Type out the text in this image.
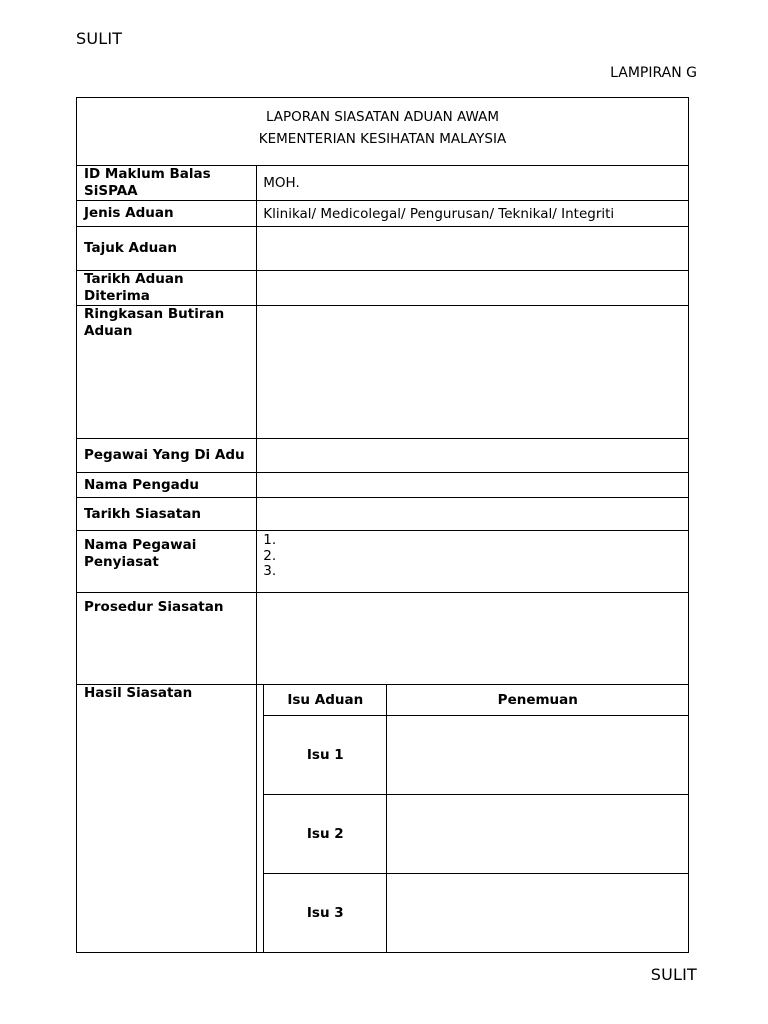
SULIT
LAMPIRAN G
LAPORAN SIASATAN ADUAN AWAM
KEMENTERIAN KESIHATAN MALAYSIA

ID Maklum Balas SiSPAA	MOH.

Jenis Aduan	Klinikal/ Medicolegal/ Pengurusan/ Teknikal/ Integriti

Tajuk Aduan

Tarikh Aduan Diterima

Ringkasan Butiran Aduan

Pegawai Yang Di Adu

Nama Pengadu

Tarikh Siasatan

Nama Pegawai Penyiasat

1.
2.
3.

Prosedur Siasatan

Hasil Siasatan
		Isu Aduan	Penemuan
Isu 1	
Isu 2	
Isu 3	
SULIT
